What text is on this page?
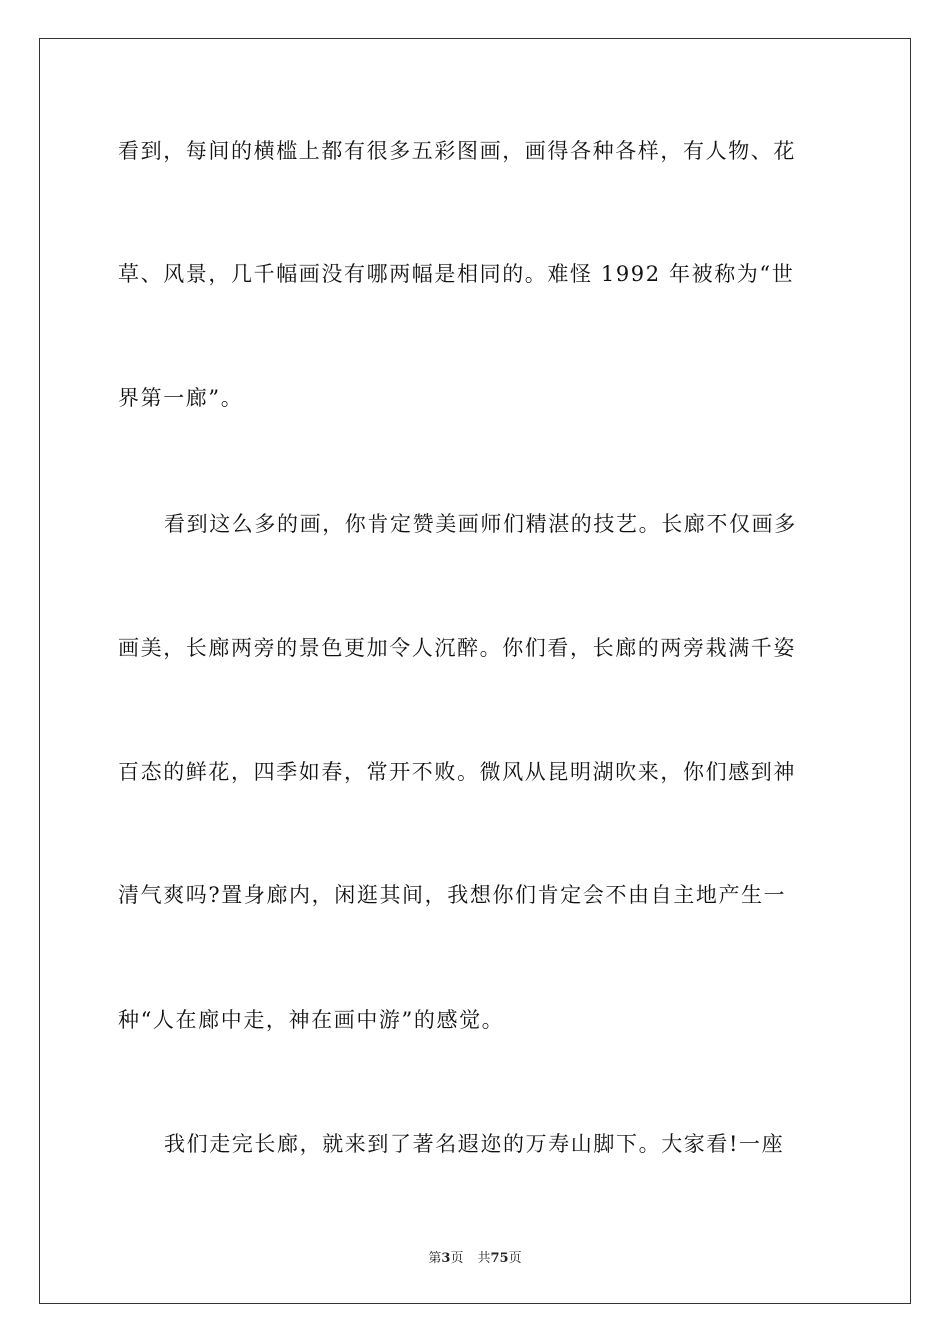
看到，每间的横槛上都有很多五彩图画，画得各种各样，有人物、花
草、风景，几千幅画没有哪两幅是相同的。难怪 1992 年被称为“世
界第一廊”。
看到这么多的画，你肯定赞美画师们精湛的技艺。长廊不仅画多
画美，长廊两旁的景色更加令人沉醉。你们看，长廊的两旁栽满千姿
百态的鲜花，四季如春，常开不败。微风从昆明湖吹来，你们感到神
清气爽吗?置身廊内，闲逛其间，我想你们肯定会不由自主地产生一
种“人在廊中走，神在画中游”的感觉。
我们走完长廊，就来到了著名遐迩的万寿山脚下。大家看!一座
第3页 共75页
